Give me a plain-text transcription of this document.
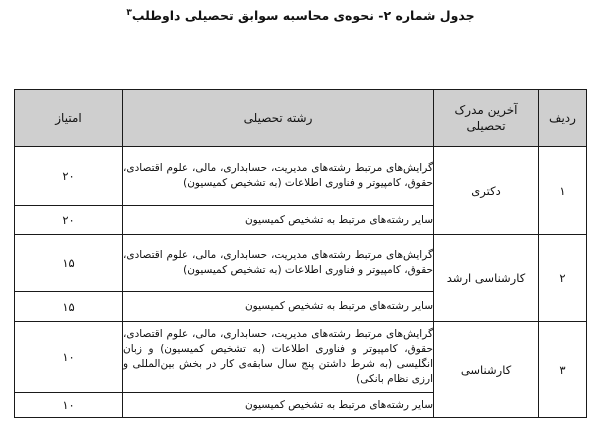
جدول شماره ۲- نحوه‌ی محاسبه سوابق تحصیلی داوطلب$^۳$
ردیف	آخرین مدرک تحصیلی	رشته تحصیلی	امتیاز
۱	دکتری	گرایش‌های مرتبط رشته‌های مدیریت، حسابداری، مالی، علوم اقتصادی، حقوق، کامپیوتر و فناوری اطلاعات (به تشخیص کمیسیون)	۲۰
		سایر رشته‌های مرتبط به تشخیص کمیسیون	۲۰
۲	کارشناسی ارشد	گرایش‌های مرتبط رشته‌های مدیریت، حسابداری، مالی، علوم اقتصادی، حقوق، کامپیوتر و فناوری اطلاعات (به تشخیص کمیسیون)	۱۵
		سایر رشته‌های مرتبط به تشخیص کمیسیون	۱۵
۳	کارشناسی	گرایش‌های مرتبط رشته‌های مدیریت، حسابداری، مالی، علوم اقتصادی، حقوق، کامپیوتر و فناوری اطلاعات (به تشخیص کمیسیون) و زبان انگلیسی (به شرط داشتن پنج سال سابقه‌ی کار در بخش بین‌المللی و ارزی نظام بانکی)	۱۰
		سایر رشته‌های مرتبط به تشخیص کمیسیون	۱۰
